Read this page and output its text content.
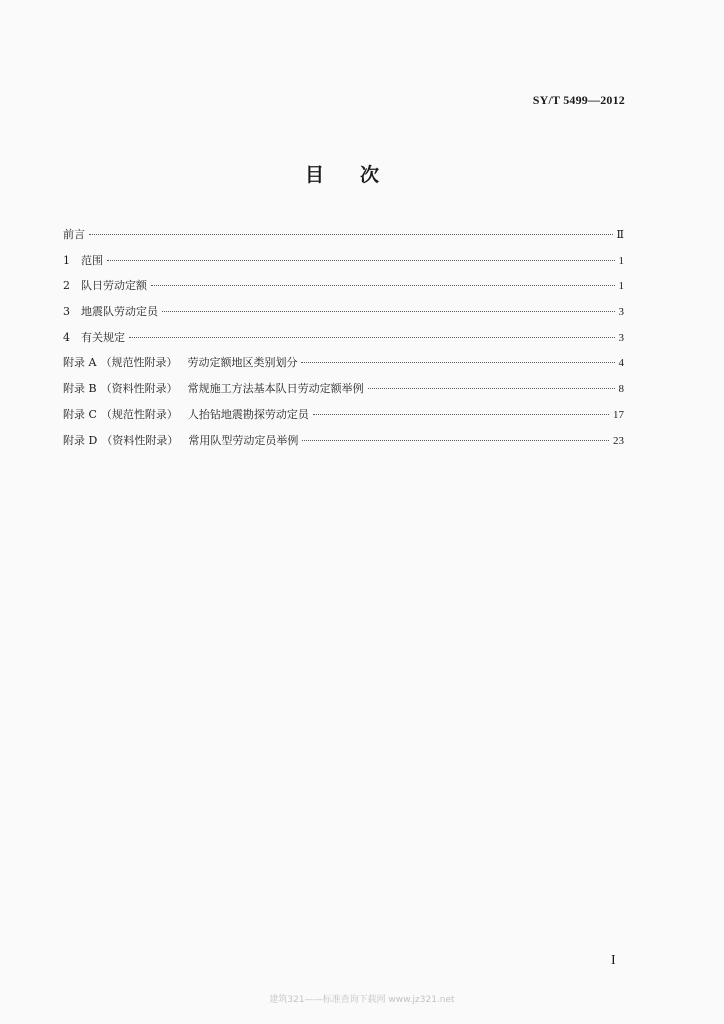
SY/T 5499—2012
目 次
前言	Ⅱ
1 范围	1
2 队日劳动定额	1
3 地震队劳动定员	3
4 有关规定	3
附录 A （规范性附录） 劳动定额地区类别划分	4
附录 B （资料性附录） 常规施工方法基本队日劳动定额举例	8
附录 C （规范性附录） 人抬钻地震勘探劳动定员	17
附录 D （资料性附录） 常用队型劳动定员举例	23
I
建筑321——标准查询下载网 www.jz321.net
